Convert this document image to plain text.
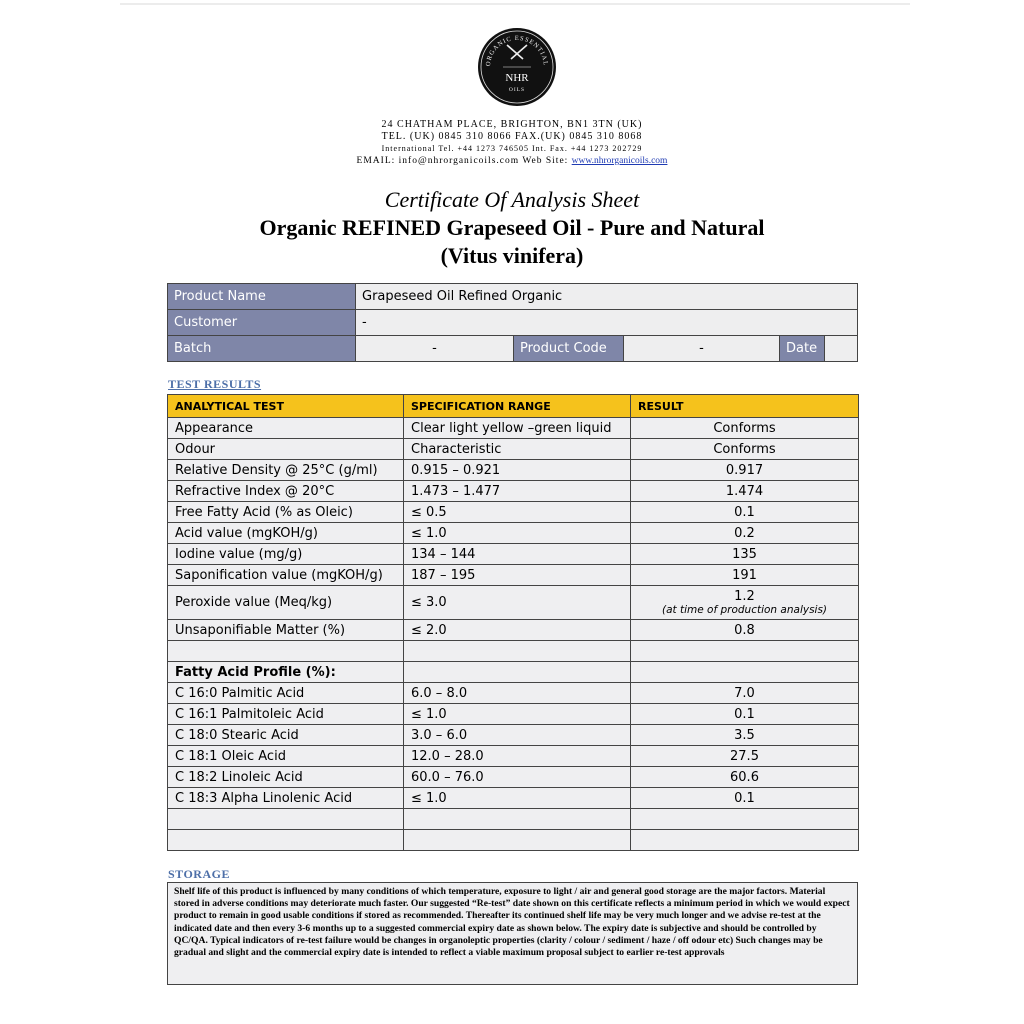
ORGANIC ESSENTIAL
NHR
OILS
24 CHATHAM PLACE, BRIGHTON, BN1 3TN (UK)
TEL. (UK) 0845 310 8066 FAX.(UK) 0845 310 8068
International Tel. +44 1273 746505 Int. Fax. +44 1273 202729
EMAIL: info@nhrorganicoils.com Web Site: www.nhrorganicoils.com
Certificate Of Analysis Sheet
Organic REFINED Grapeseed Oil - Pure and Natural
(Vitus vinifera)
Product Name	Grapeseed Oil Refined Organic				
Customer	-				
Batch	-	Product Code	-	Date	
TEST RESULTS
ANALYTICAL TEST	SPECIFICATION RANGE	RESULT
Appearance	Clear light yellow –green liquid	Conforms
Odour	Characteristic	Conforms
Relative Density @ 25°C (g/ml)	0.915 – 0.921	0.917
Refractive Index @ 20°C	1.473 – 1.477	1.474
Free Fatty Acid (% as Oleic)	≤ 0.5	0.1
Acid value (mgKOH/g)	≤ 1.0	0.2
Iodine value (mg/g)	134 – 144	135
Saponification value (mgKOH/g)	187 – 195	191
Peroxide value (Meq/kg)	≤ 3.0	1.2
(at time of production analysis)

Unsaponifiable Matter (%)	≤ 2.0	0.8

Fatty Acid Profile (%):		
C 16:0 Palmitic Acid	6.0 – 8.0	7.0
C 16:1 Palmitoleic Acid	≤ 1.0	0.1
C 18:0 Stearic Acid	3.0 – 6.0	3.5
C 18:1 Oleic Acid	12.0 – 28.0	27.5
C 18:2 Linoleic Acid	60.0 – 76.0	60.6
C 18:3 Alpha Linolenic Acid	≤ 1.0	0.1

STORAGE
Shelf life of this product is influenced by many conditions of which temperature, exposure to light / air and general good storage are the major factors. Material stored in adverse conditions may deteriorate much faster. Our suggested “Re-test” date shown on this certificate reflects a minimum period in which we would expect product to remain in good usable conditions if stored as recommended. Thereafter its continued shelf life may be very much longer and we advise re-test at the indicated date and then every 3-6 months up to a suggested commercial expiry date as shown below. The expiry date is subjective and should be controlled by QC/QA. Typical indicators of re-test failure would be changes in organoleptic properties (clarity / colour / sediment / haze / off odour etc) Such changes may be gradual and slight and the commercial expiry date is intended to reflect a viable maximum proposal subject to earlier re-test approvals
